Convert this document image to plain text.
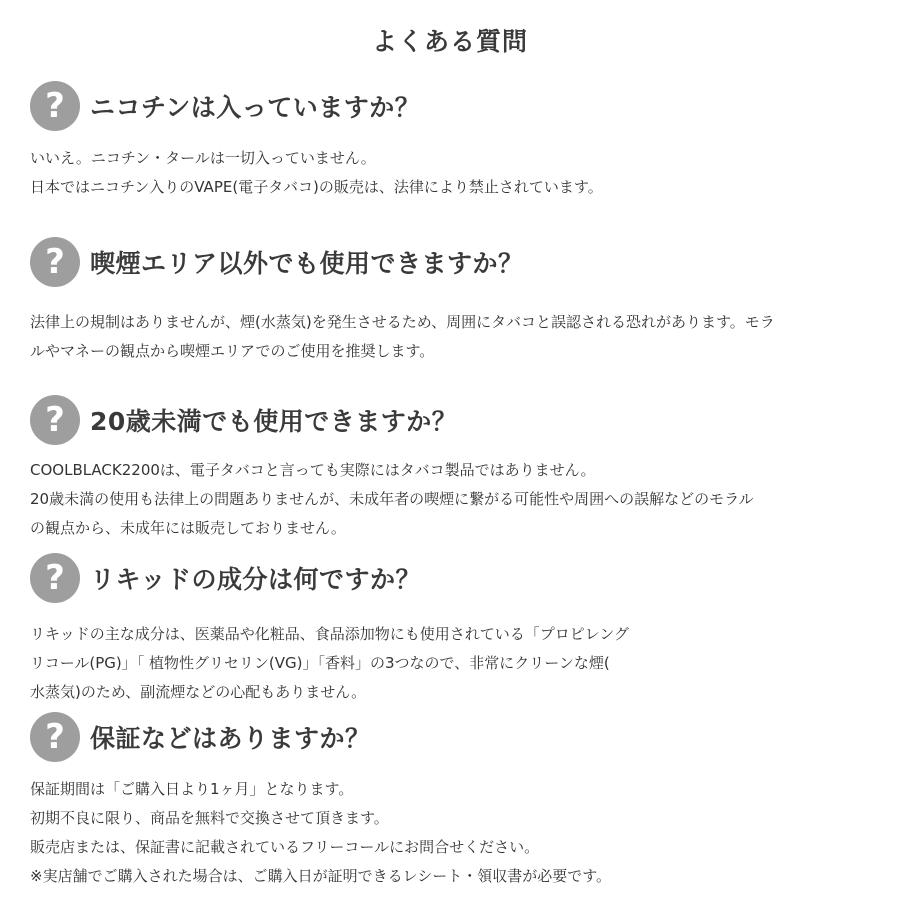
よくある質問
?	ニコチンは入っていますか？
いいえ。ニコチン・タールは一切入っていません。
日本ではニコチン入りのVAPE(電子タバコ)の販売は、法律により禁止されています。
?	喫煙エリア以外でも使用できますか？
法律上の規制はありませんが、煙(水蒸気)を発生させるため、周囲にタバコと誤認される恐れがあります。モラ
ルやマネーの観点から喫煙エリアでのご使用を推奨します。
?	20歳未満でも使用できますか？
COOLBLACK2200は、電子タバコと言っても実際にはタバコ製品ではありません。
20歳未満の使用も法律上の問題ありませんが、未成年者の喫煙に繋がる可能性や周囲への誤解などのモラル
の観点から、未成年には販売しておりません。
?	リキッドの成分は何ですか？
リキッドの主な成分は、医薬品や化粧品、食品添加物にも使用されている「プロピレング
リコール(PG)」「 植物性グリセリン(VG)」「香料」の3つなので、非常にクリーンな煙(
水蒸気)のため、副流煙などの心配もありません。
?	保証などはありますか？
保証期間は「ご購入日より1ヶ月」となります。
初期不良に限り、商品を無料で交換させて頂きます。
販売店または、保証書に記載されているフリーコールにお問合せください。
※実店舗でご購入された場合は、ご購入日が証明できるレシート・領収書が必要です。
